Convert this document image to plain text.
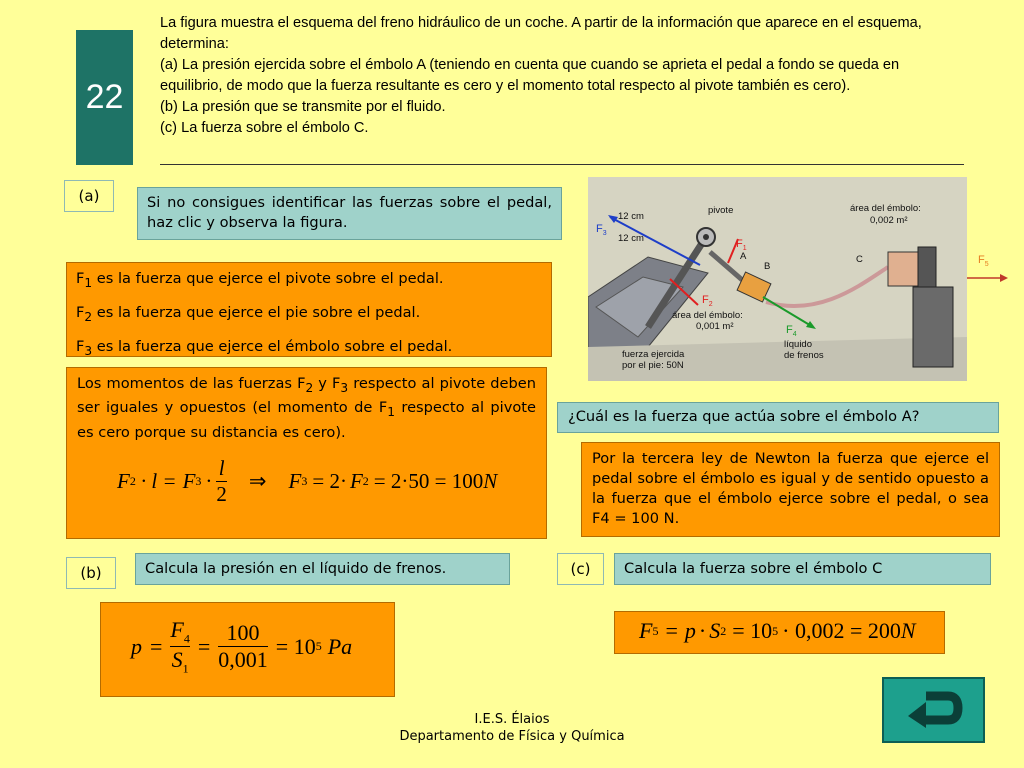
22

La figura muestra el esquema del freno hidráulico de un coche. A partir de la información que aparece en el esquema, determina:

(a) La presión ejercida sobre el émbolo A (teniendo en cuenta que cuando se aprieta el pedal a fondo se queda en equilibrio, de modo que la fuerza resultante es cero y el momento total respecto al pivote también es cero).

(b) La presión que se transmite por el fluido.

(c) La fuerza sobre el émbolo C.

(a)	Si no consigues identificar las fuerzas sobre el pedal, haz clic y observa la figura.

$F_1$ es la fuerza que ejerce el pivote sobre el pedal.

$F_2$ es la fuerza que ejerce el pie sobre el pedal.

$F_3$ es la fuerza que ejerce el émbolo sobre el pedal.

Los momentos de las fuerzas $F_2$ y $F_3$ respecto al pivote deben ser iguales y opuestos (el momento de $F_1$ respecto al pivote es cero porque su distancia es cero).
F 2 · l = F $3 \cdot \frac{l}{2}$ ⇒ F 3 = 2· F 2 = 2·50 = 100 N
$F_3$
12 cm
12 cm
pivote
$F_1$
A
B
C
área del émbolo:
0,002 m²
$F_2$
área del émbolo:
0,001 m²	$F_4$
líquido
de frenos
fuerza ejercida
por el pie: 50N
$F_5$
¿Cuál es la fuerza que actúa sobre el émbolo A?
Por la tercera ley de Newton la fuerza que ejerce el pedal sobre el émbolo es igual y de sentido opuesto a la fuerza que el émbolo ejerce sobre el pedal, o sea F4 = 100 N.
(b)	Calcula la presión en el líquido de frenos.
$p = \frac{F_4}{S_1} = \frac{100}{0,001} = 10$ 5 Pa
(c)	Calcula la fuerza sobre el émbolo C
F 5 = p · S 2 = 10 5 · 0,002 = 200 N
I.E.S. Élaios
Departamento de Física y Química
